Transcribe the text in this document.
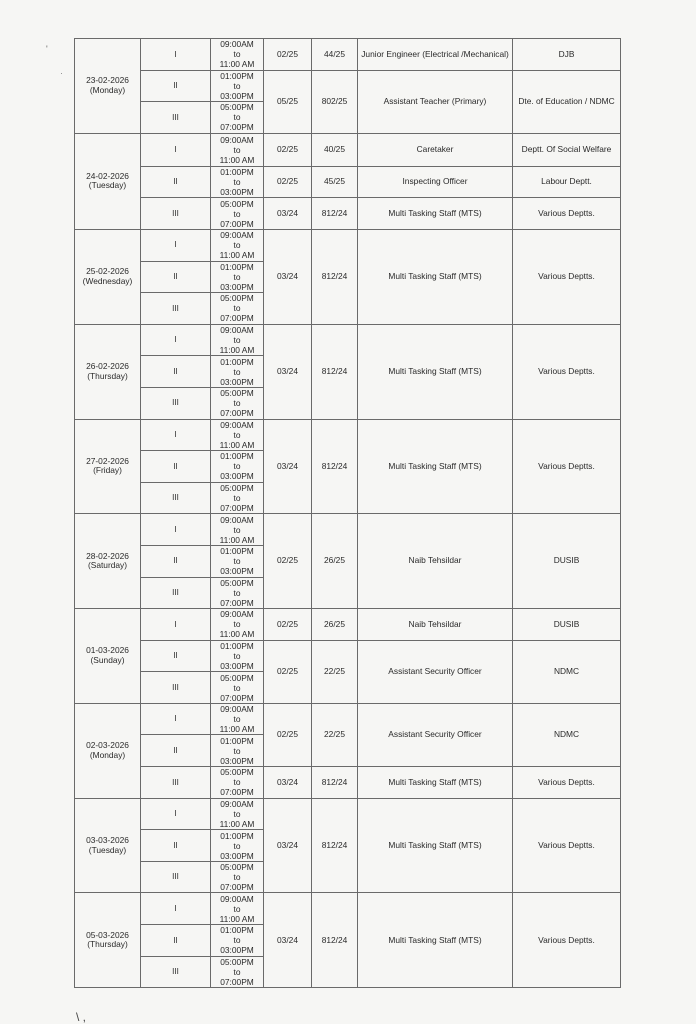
'
·
23-02-2026
(Monday)	I	09:00AM
to
11:00 AM	02/25	44/25	Junior Engineer (Electrical /Mechanical)	DJB
	II	01:00PM
to
03:00PM	05/25	802/25	Assistant Teacher (Primary)	Dte. of Education / NDMC
	III	05:00PM
to
07:00PM				

24-02-2026
(Tuesday)	I	09:00AM
to
11:00 AM	02/25	40/25	Caretaker	Deptt. Of Social Welfare
	II	01:00PM
to
03:00PM	02/25	45/25	Inspecting Officer	Labour Deptt.
	III	05:00PM
to
07:00PM	03/24	812/24	Multi Tasking Staff (MTS)	Various Deptts.

25-02-2026
(Wednesday)	I	09:00AM
to
11:00 AM	03/24	812/24	Multi Tasking Staff (MTS)	Various Deptts.
	II	01:00PM
to
03:00PM				

	III	05:00PM
to
07:00PM				

26-02-2026
(Thursday)	I	09:00AM
to
11:00 AM	03/24	812/24	Multi Tasking Staff (MTS)	Various Deptts.
	II	01:00PM
to
03:00PM				

	III	05:00PM
to
07:00PM				

27-02-2026
(Friday)	I	09:00AM
to
11:00 AM	03/24	812/24	Multi Tasking Staff (MTS)	Various Deptts.
	II	01:00PM
to
03:00PM				

	III	05:00PM
to
07:00PM				

28-02-2026
(Saturday)	I	09:00AM
to
11:00 AM	02/25	26/25	Naib Tehsildar	DUSIB
	II	01:00PM
to
03:00PM				

	III	05:00PM
to
07:00PM				

01-03-2026
(Sunday)	I	09:00AM
to
11:00 AM	02/25	26/25	Naib Tehsildar	DUSIB
	II	01:00PM
to
03:00PM	02/25	22/25	Assistant Security Officer	NDMC
	III	05:00PM
to
07:00PM				

02-03-2026
(Monday)	I	09:00AM
to
11:00 AM	02/25	22/25	Assistant Security Officer	NDMC
	II	01:00PM
to
03:00PM				

	III	05:00PM
to
07:00PM	03/24	812/24	Multi Tasking Staff (MTS)	Various Deptts.

03-03-2026
(Tuesday)	I	09:00AM
to
11:00 AM	03/24	812/24	Multi Tasking Staff (MTS)	Various Deptts.
	II	01:00PM
to
03:00PM				

	III	05:00PM
to
07:00PM				

05-03-2026
(Thursday)	I	09:00AM
to
11:00 AM	03/24	812/24	Multi Tasking Staff (MTS)	Various Deptts.
	II	01:00PM
to
03:00PM				

	III	05:00PM
to
07:00PM				
\ ,
